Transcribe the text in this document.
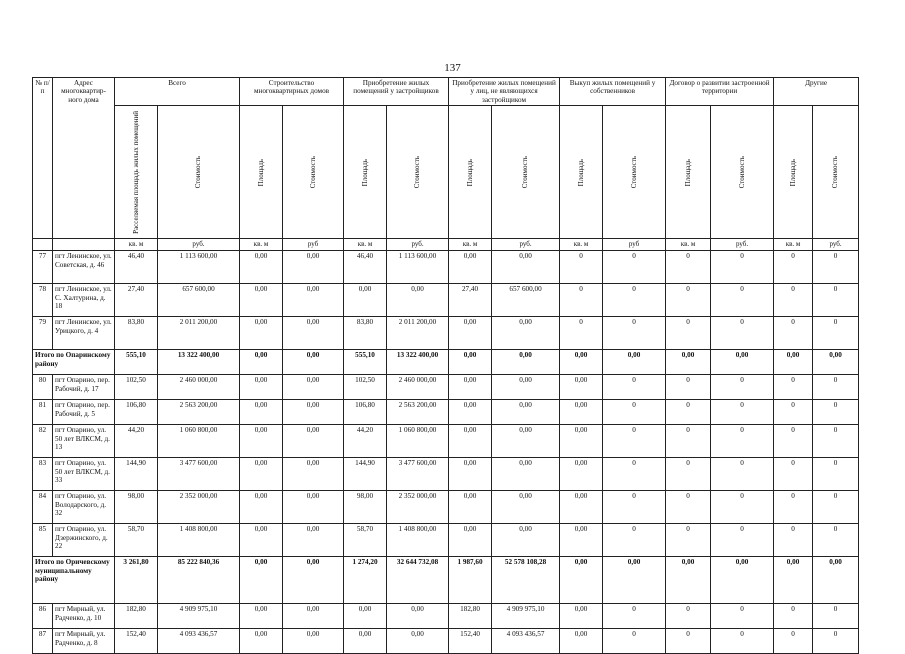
137
№ п/п	Адрес многоквартир-ного дома	Всего		Строительство многоквартирных домов		Приобретение жилых помещений у застройщиков		Приобретение жилых помещений у лиц, не являющихся застройщиком		Выкуп жилых помещений у собственников		Договор о развитии застроенной территории		Другие	

		Расселяемая площадь жилых помещений	Стоимость	Площадь	Стоимость	Площадь	Стоимость	Площадь	Стоимость	Площадь	Стоимость	Площадь	Стоимость	Площадь	Стоимость

		кв. м	руб.	кв. м	руб	кв. м	руб.	кв. м	руб.	кв. м	руб	кв. м	руб.	кв. м	руб.
77	пгт Ленинское, ул. Советская, д. 46	46,40	1 113 600,00	0,00	0,00	46,40	1 113 600,00	0,00	0,00	0	0	0	0	0	0
78	пгт Ленинское, ул. С. Халтурина, д. 18	27,40	657 600,00	0,00	0,00	0,00	0,00	27,40	657 600,00	0	0	0	0	0	0
79	пгт Ленинское, ул. Урицкого, д. 4	83,80	2 011 200,00	0,00	0,00	83,80	2 011 200,00	0,00	0,00	0	0	0	0	0	0
Итого по Опаринскому району		555,10	13 322 400,00	0,00	0,00	555,10	13 322 400,00	0,00	0,00	0,00	0,00	0,00	0,00	0,00	0,00
80	пгт Опарино, пер. Рабочий, д. 17	102,50	2 460 000,00	0,00	0,00	102,50	2 460 000,00	0,00	0,00	0,00	0	0	0	0	0
81	пгт Опарино, пер. Рабочий, д. 5	106,80	2 563 200,00	0,00	0,00	106,80	2 563 200,00	0,00	0,00	0,00	0	0	0	0	0
82	пгт Опарино, ул. 50 лет ВЛКСМ, д. 13	44,20	1 060 800,00	0,00	0,00	44,20	1 060 800,00	0,00	0,00	0,00	0	0	0	0	0
83	пгт Опарино, ул. 50 лет ВЛКСМ, д. 33	144,90	3 477 600,00	0,00	0,00	144,90	3 477 600,00	0,00	0,00	0,00	0	0	0	0	0
84	пгт Опарино, ул. Володарского, д. 32	98,00	2 352 000,00	0,00	0,00	98,00	2 352 000,00	0,00	0,00	0,00	0	0	0	0	0
85	пгт Опарино, ул. Дзержинского, д. 22	58,70	1 408 800,00	0,00	0,00	58,70	1 408 800,00	0,00	0,00	0,00	0	0	0	0	0
Итого по Оричевскому муниципальному району		3 261,80	85 222 840,36	0,00	0,00	1 274,20	32 644 732,08	1 987,60	52 578 108,28	0,00	0,00	0,00	0,00	0,00	0,00
86	пгт Мирный, ул. Радченко, д. 10	182,80	4 909 975,10	0,00	0,00	0,00	0,00	182,80	4 909 975,10	0,00	0	0	0	0	0
87	пгт Мирный, ул. Радченко, д. 8	152,40	4 093 436,57	0,00	0,00	0,00	0,00	152,40	4 093 436,57	0,00	0	0	0	0	0
